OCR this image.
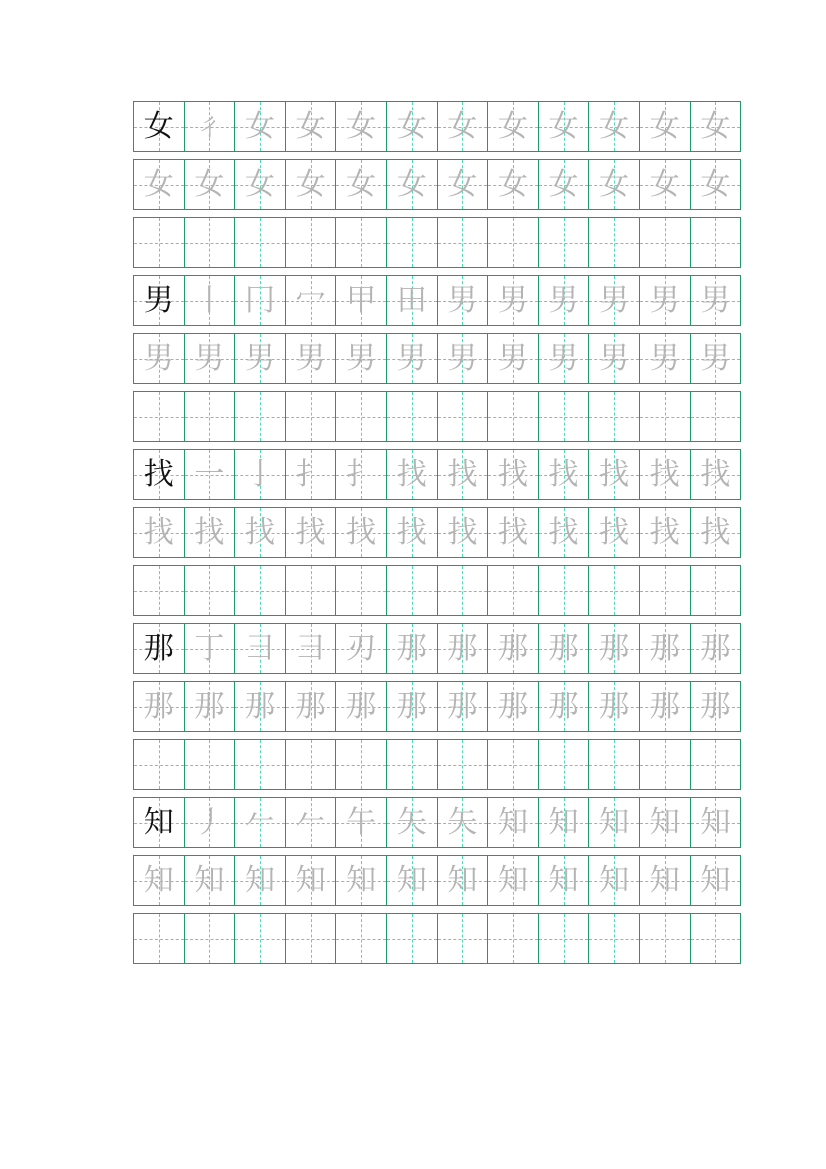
女 ㄔ 女 女 女 女 女 女 女 女 女 女
女 女 女 女 女 女 女 女 女 女 女 女
男 丨 冂 冖 甲 田 男 男 男 男 男 男
男 男 男 男 男 男 男 男 男 男 男 男
找 一 亅 扌 扌 找 找 找 找 找 找 找
找 找 找 找 找 找 找 找 找 找 找 找
那 丁 彐 彐 刃 那 那 那 那 那 那 那
那 那 那 那 那 那 那 那 那 那 那 那
知 丿 𠂉 𠂉 午 矢 矢 知 知 知 知 知
知 知 知 知 知 知 知 知 知 知 知 知
